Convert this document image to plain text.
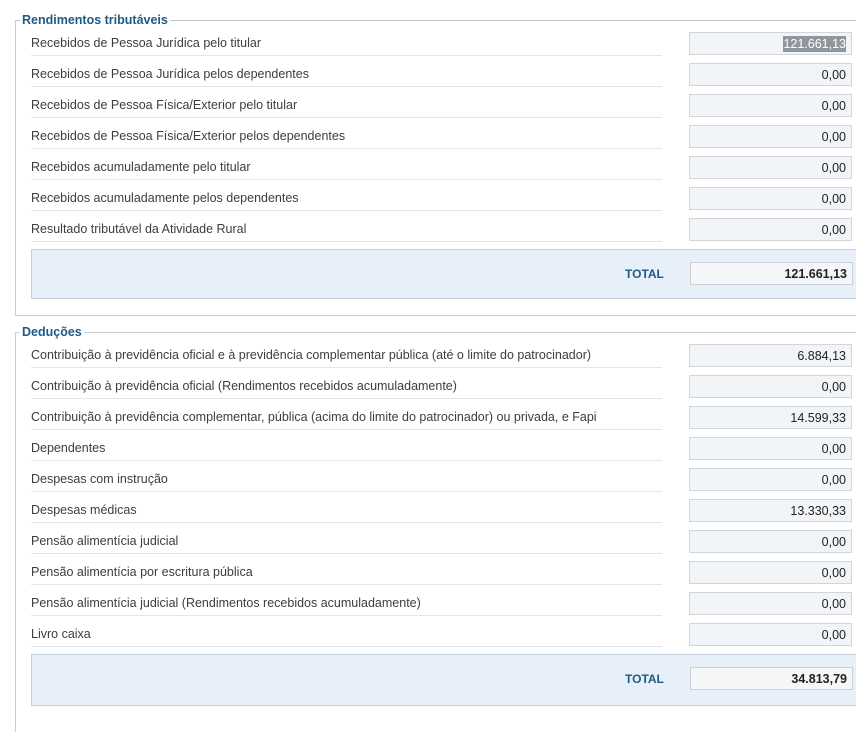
Rendimentos tributáveis
Recebidos de Pessoa Jurídica pelo titular	121.661,13
Recebidos de Pessoa Jurídica pelos dependentes	0,00
Recebidos de Pessoa Física/Exterior pelo titular	0,00
Recebidos de Pessoa Física/Exterior pelos dependentes	0,00
Recebidos acumuladamente pelo titular	0,00
Recebidos acumuladamente pelos dependentes	0,00
Resultado tributável da Atividade Rural	0,00
TOTAL	121.661,13
Deduções
Contribuição à previdência oficial e à previdência complementar pública (até o limite do patrocinador)	6.884,13
Contribuição à previdência oficial (Rendimentos recebidos acumuladamente)	0,00
Contribuição à previdência complementar, pública (acima do limite do patrocinador) ou privada, e Fapi	14.599,33
Dependentes	0,00
Despesas com instrução	0,00
Despesas médicas	13.330,33
Pensão alimentícia judicial	0,00
Pensão alimentícia por escritura pública	0,00
Pensão alimentícia judicial (Rendimentos recebidos acumuladamente)	0,00
Livro caixa	0,00
TOTAL	34.813,79
